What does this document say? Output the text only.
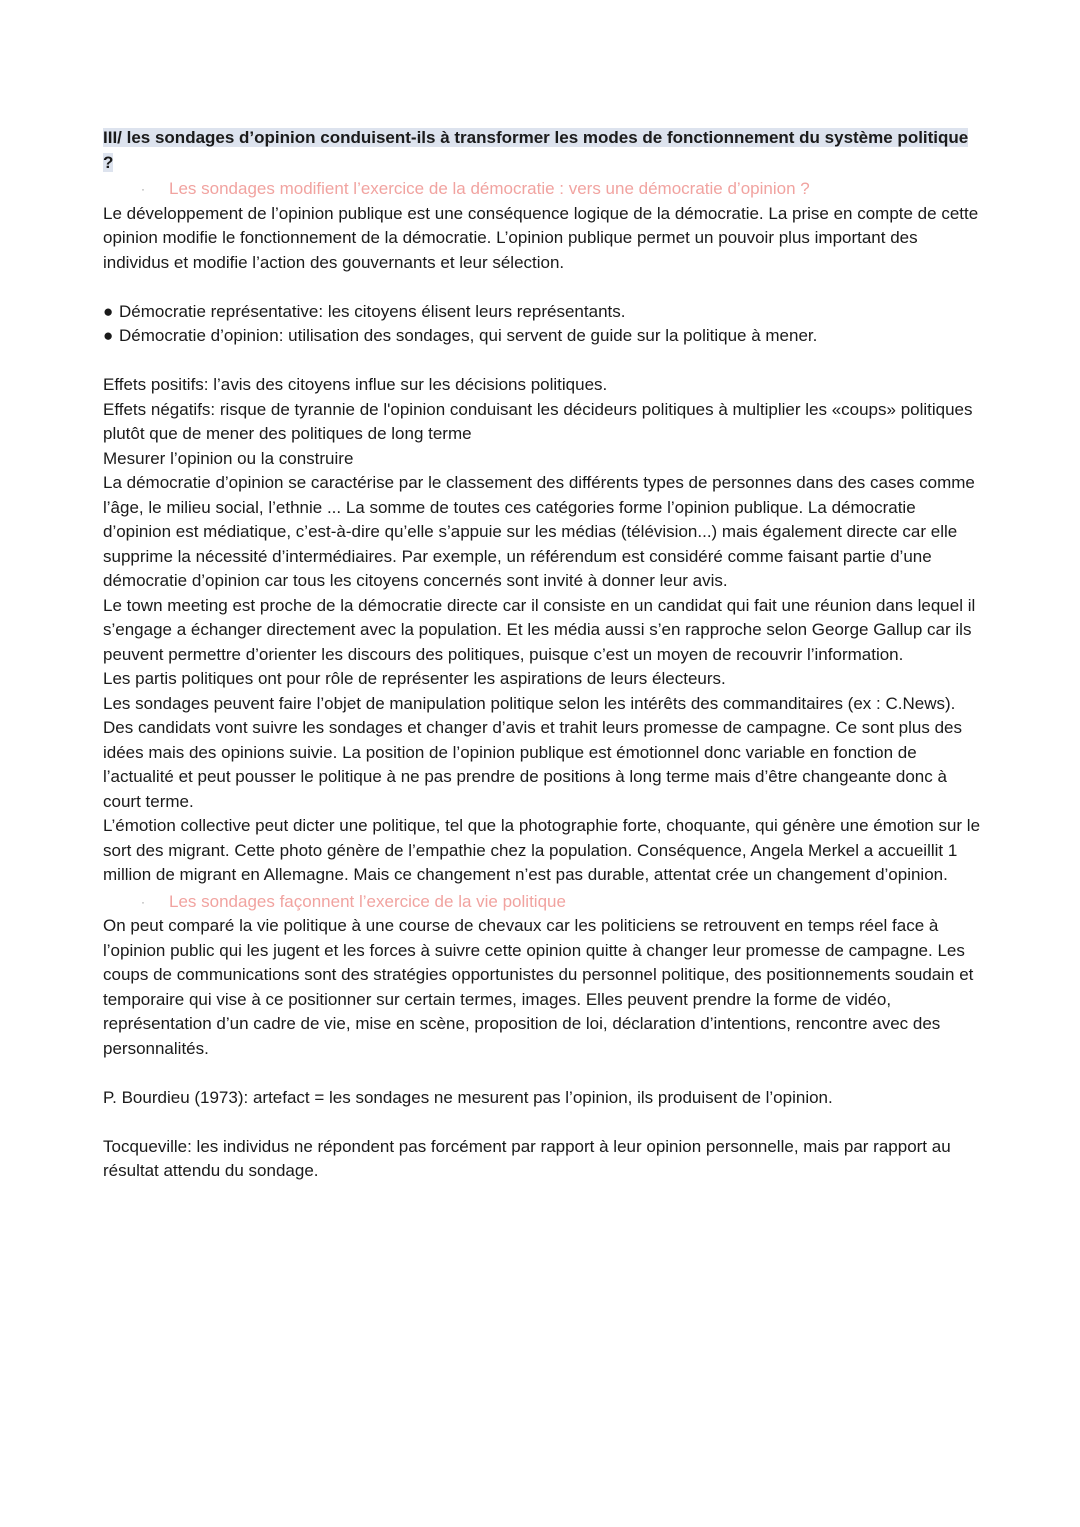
III/ les sondages d’opinion conduisent-ils à transformer les modes de fonctionnement du système politique ?

·	Les sondages modifient l’exercice de la démocratie : vers une démocratie d’opinion ?

Le développement de l’opinion publique est une conséquence logique de la démocratie. La prise en compte de cette opinion modifie le fonctionnement de la démocratie. L’opinion publique permet un pouvoir plus important des individus et modifie l’action des gouvernants et leur sélection.

● Démocratie représentative: les citoyens élisent leurs représentants.

● Démocratie d’opinion: utilisation des sondages, qui servent de guide sur la politique à mener.

Effets positifs: l’avis des citoyens influe sur les décisions politiques.

Effets négatifs: risque de tyrannie de l'opinion conduisant les décideurs politiques à multiplier les «coups» politiques plutôt que de mener des politiques de long terme

Mesurer l’opinion ou la construire

La démocratie d’opinion se caractérise par le classement des différents types de personnes dans des cases comme l’âge, le milieu social, l’ethnie ... La somme de toutes ces catégories forme l’opinion publique. La démocratie d’opinion est médiatique, c’est-à-dire qu’elle s’appuie sur les médias (télévision...) mais également directe car elle supprime la nécessité d’intermédiaires. Par exemple, un référendum est considéré comme faisant partie d’une démocratie d’opinion car tous les citoyens concernés sont invité à donner leur avis.

Le town meeting est proche de la démocratie directe car il consiste en un candidat qui fait une réunion dans lequel il s’engage a échanger directement avec la population. Et les média aussi s’en rapproche selon George Gallup car ils peuvent permettre d’orienter les discours des politiques, puisque c’est un moyen de recouvrir l’information.

Les partis politiques ont pour rôle de représenter les aspirations de leurs électeurs.

Les sondages peuvent faire l’objet de manipulation politique selon les intérêts des commanditaires (ex : C.News). Des candidats vont suivre les sondages et changer d’avis et trahit leurs promesse de campagne. Ce sont plus des idées mais des opinions suivie. La position de l’opinion publique est émotionnel donc variable en fonction de l’actualité et peut pousser le politique à ne pas prendre de positions à long terme mais d’être changeante donc à court terme.

L’émotion collective peut dicter une politique, tel que la photographie forte, choquante, qui génère une émotion sur le sort des migrant. Cette photo génère de l’empathie chez la population. Conséquence, Angela Merkel a accueillit 1 million de migrant en Allemagne. Mais ce changement n’est pas durable, attentat crée un changement d’opinion.

·	Les sondages façonnent l’exercice de la vie politique

On peut comparé la vie politique à une course de chevaux car les politiciens se retrouvent en temps réel face à l’opinion public qui les jugent et les forces à suivre cette opinion quitte à changer leur promesse de campagne. Les coups de communications sont des stratégies opportunistes du personnel politique, des positionnements soudain et temporaire qui vise à ce positionner sur certain termes, images. Elles peuvent prendre la forme de vidéo, représentation d’un cadre de vie, mise en scène, proposition de loi, déclaration d’intentions, rencontre avec des personnalités.

P. Bourdieu (1973): artefact = les sondages ne mesurent pas l’opinion, ils produisent de l’opinion.

Tocqueville: les individus ne répondent pas forcément par rapport à leur opinion personnelle, mais par rapport au résultat attendu du sondage.
